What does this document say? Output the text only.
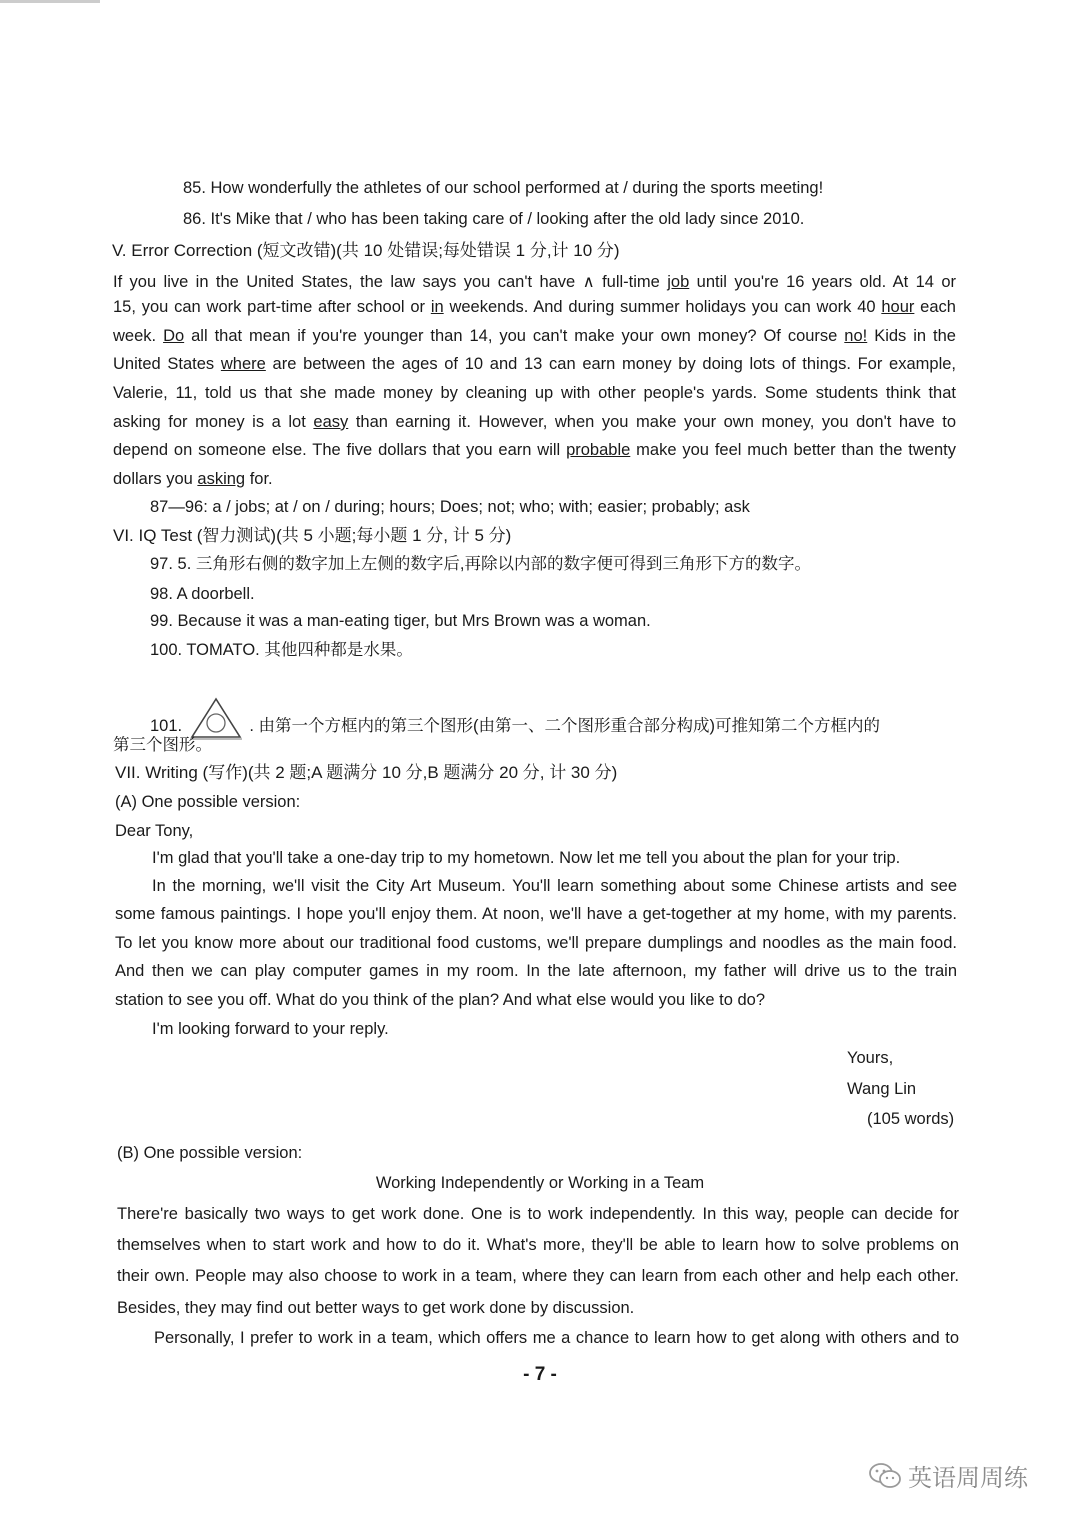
85. How wonderfully the athletes of our school performed at / during the sports meeting!
86. It's Mike that / who has been taking care of / looking after the old lady since 2010.
V. Error Correction (短文改错)(共 10 处错误;每处错误 1 分,计 10 分)
If you live in the United States, the law says you can't have ∧ full-time job until you're 16 years old. At 14 or
15, you can work part-time after school or in weekends. And during summer holidays you can work 40 hour each
week. Do all that mean if you're younger than 14, you can't make your own money? Of course no! Kids in the
United States where are between the ages of 10 and 13 can earn money by doing lots of things. For example,
Valerie, 11, told us that she made money by cleaning up with other people's yards. Some students think that
asking for money is a lot easy than earning it. However, when you make your own money, you don't have to
depend on someone else. The five dollars that you earn will probable make you feel much better than the twenty
dollars you asking for.
87—96: a / jobs; at / on / during; hours; Does; not; who; with; easier; probably; ask
VI. IQ Test (智力测试)(共 5 小题;每小题 1 分, 计 5 分)
97. 5. 三角形右侧的数字加上左侧的数字后,再除以内部的数字便可得到三角形下方的数字。
98. A doorbell.
99. Because it was a man-eating tiger, but Mrs Brown was a woman.
100. TOMATO. 其他四种都是水果。
101.	. 由第一个方框内的第三个图形(由第一、二个图形重合部分构成)可推知第二个方框内的
第三个图形。
VII. Writing (写作)(共 2 题;A 题满分 10 分,B 题满分 20 分, 计 30 分)
(A) One possible version:
Dear Tony,
I'm glad that you'll take a one-day trip to my hometown. Now let me tell you about the plan for your trip.
In the morning, we'll visit the City Art Museum. You'll learn something about some Chinese artists and see
some famous paintings. I hope you'll enjoy them. At noon, we'll have a get-together at my home, with my parents.
To let you know more about our traditional food customs, we'll prepare dumplings and noodles as the main food.
And then we can play computer games in my room. In the late afternoon, my father will drive us to the train
station to see you off. What do you think of the plan? And what else would you like to do?
I'm looking forward to your reply.
Yours,
Wang Lin
(105 words)
(B) One possible version:
Working Independently or Working in a Team
There're basically two ways to get work done. One is to work independently. In this way, people can decide for
themselves when to start work and how to do it. What's more, they'll be able to learn how to solve problems on
their own. People may also choose to work in a team, where they can learn from each other and help each other.
Besides, they may find out better ways to get work done by discussion.
Personally, I prefer to work in a team, which offers me a chance to learn how to get along with others and to
- 7 -
英语周周练
